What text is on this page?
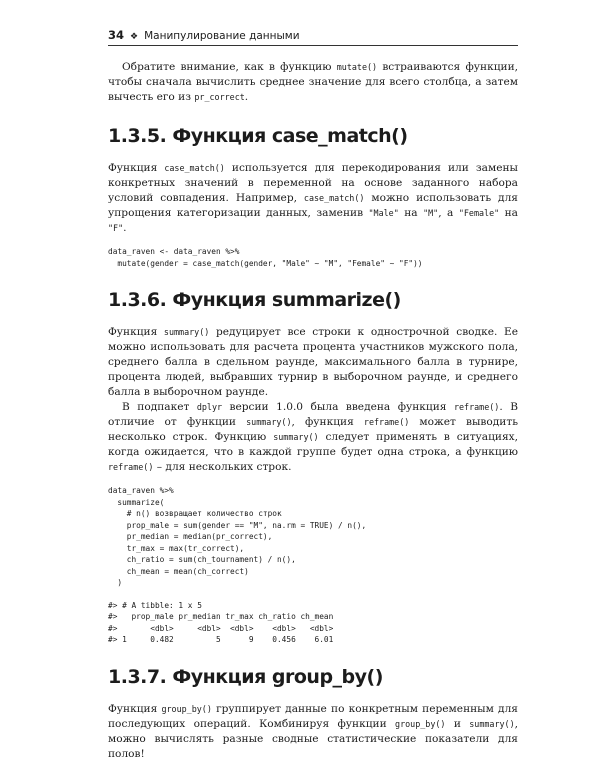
34 ❖ Манипулирование данными

Обратите внимание, как в функцию mutate() встраиваются функции, чтобы сначала вычислить среднее значение для всего столбца, а затем вычесть его из pr_correct.

1.3.5. Функция case_match()

Функция case_match() используется для перекодирования или замены конкретных значений в переменной на основе заданного набора условий совпадения. Например, case_match() можно использовать для упрощения категоризации данных, заменив "Male" на "M", а "Female" на "F".

data_raven <- data_raven %>%
mutate(gender = case_match(gender, "Male" ~ "M", "Female" ~ "F"))
1.3.6. Функция summarize()

Функция summary() редуцирует все строки к однострочной сводке. Ее можно использовать для расчета процента участников мужского пола, среднего балла в сдельном раунде, максимального балла в турнире, процента людей, выбравших турнир в выборочном раунде, и среднего балла в выборочном раунде.

В подпакет dplyr версии 1.0.0 была введена функция reframe(). В отличие от функции summary(), функция reframe() может выводить несколько строк. Функцию summary() следует применять в ситуациях, когда ожидается, что в каждой группе будет одна строка, а функцию reframe() – для нескольких строк.

data_raven %>%
summarize(
# n() возвращает количество строк
prop_male = sum(gender == "M", na.rm = TRUE) / n(),
pr_median = median(pr_correct),
tr_max = max(tr_correct),
ch_ratio = sum(ch_tournament) / n(),
ch_mean = mean(ch_correct)
)
#> # A tibble: 1 x 5
#>   prop_male pr_median tr_max ch_ratio ch_mean
#>       <dbl>     <dbl>  <dbl>    <dbl>   <dbl>
#> 1     0.482         5      9    0.456    6.01
1.3.7. Функция group_by()

Функция group_by() группирует данные по конкретным переменным для последующих операций. Комбинируя функции group_by() и summary(), можно вычислять разные сводные статистические показатели для полов!
